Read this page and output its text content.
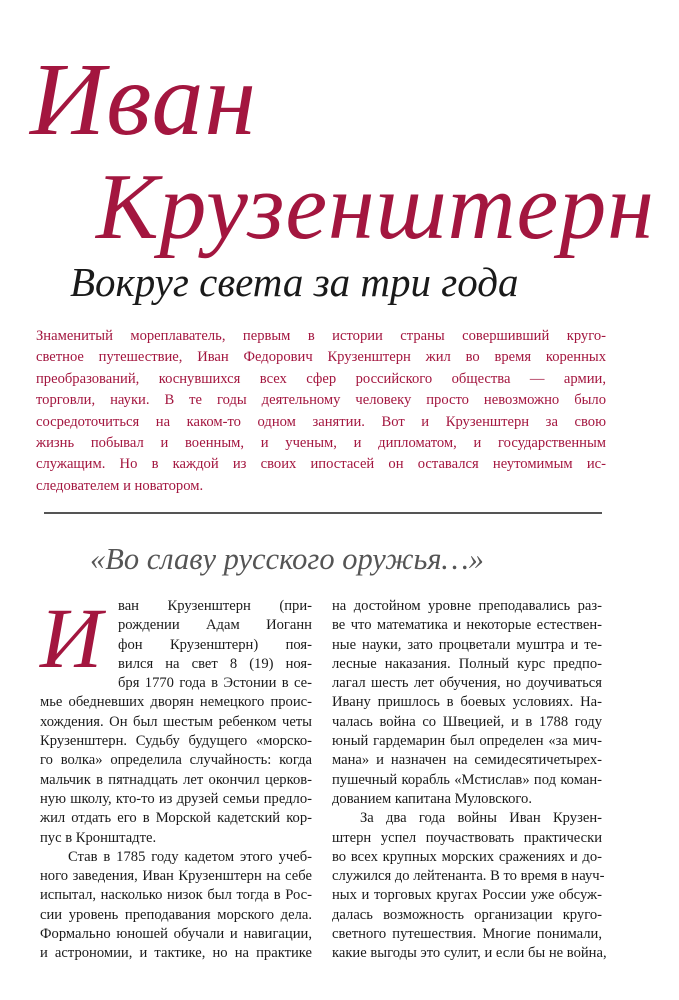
Иван
Крузенштерн
Вокруг света за три года
Знаменитый мореплаватель, первым в истории страны совершивший круго-
светное путешествие, Иван Федорович Крузенштерн жил во время коренных
преобразований, коснувшихся всех сфер российского общества — армии,
торговли, науки. В те годы деятельному человеку просто невозможно было
сосредоточиться на каком-то одном занятии. Вот и Крузенштерн за свою
жизнь побывал и военным, и ученым, и дипломатом, и государственным
служащим. Но в каждой из своих ипостасей он оставался неутомимым ис-
следователем и новатором.
«Во славу русского оружья…»
И	ван Крузенштерн (при-
рождении Адам Иоганн
фон Крузенштерн) поя-
вился на свет 8 (19) ноя-
бря 1770 года в Эстонии в се-
мье обедневших дворян немецкого проис-
хождения. Он был шестым ребенком четы
Крузенштерн. Судьбу будущего «морско-
го волка» определила случайность: когда
мальчик в пятнадцать лет окончил церков-
ную школу, кто-то из друзей семьи предло-
жил отдать его в Морской кадетский кор-
пус в Кронштадте.
Став в 1785 году кадетом этого учеб-
ного заведения, Иван Крузенштерн на себе
испытал, насколько низок был тогда в Рос-
сии уровень преподавания морского дела.
Формально юношей обучали и навигации,
и астрономии, и тактике, но на практике
на достойном уровне преподавались раз-
ве что математика и некоторые естествен-
ные науки, зато процветали муштра и те-
лесные наказания. Полный курс предпо-
лагал шесть лет обучения, но доучиваться
Ивану пришлось в боевых условиях. На-
чалась война со Швецией, и в 1788 году
юный гардемарин был определен «за мич-
мана» и назначен на семидесятичетырех-
пушечный корабль «Мстислав» под коман-
дованием капитана Муловского.
За два года войны Иван Крузен-
штерн успел поучаствовать практически
во всех крупных морских сражениях и до-
служился до лейтенанта. В то время в науч-
ных и торговых кругах России уже обсуж-
далась возможность организации круго-
светного путешествия. Многие понимали,
какие выгоды это сулит, и если бы не война,
